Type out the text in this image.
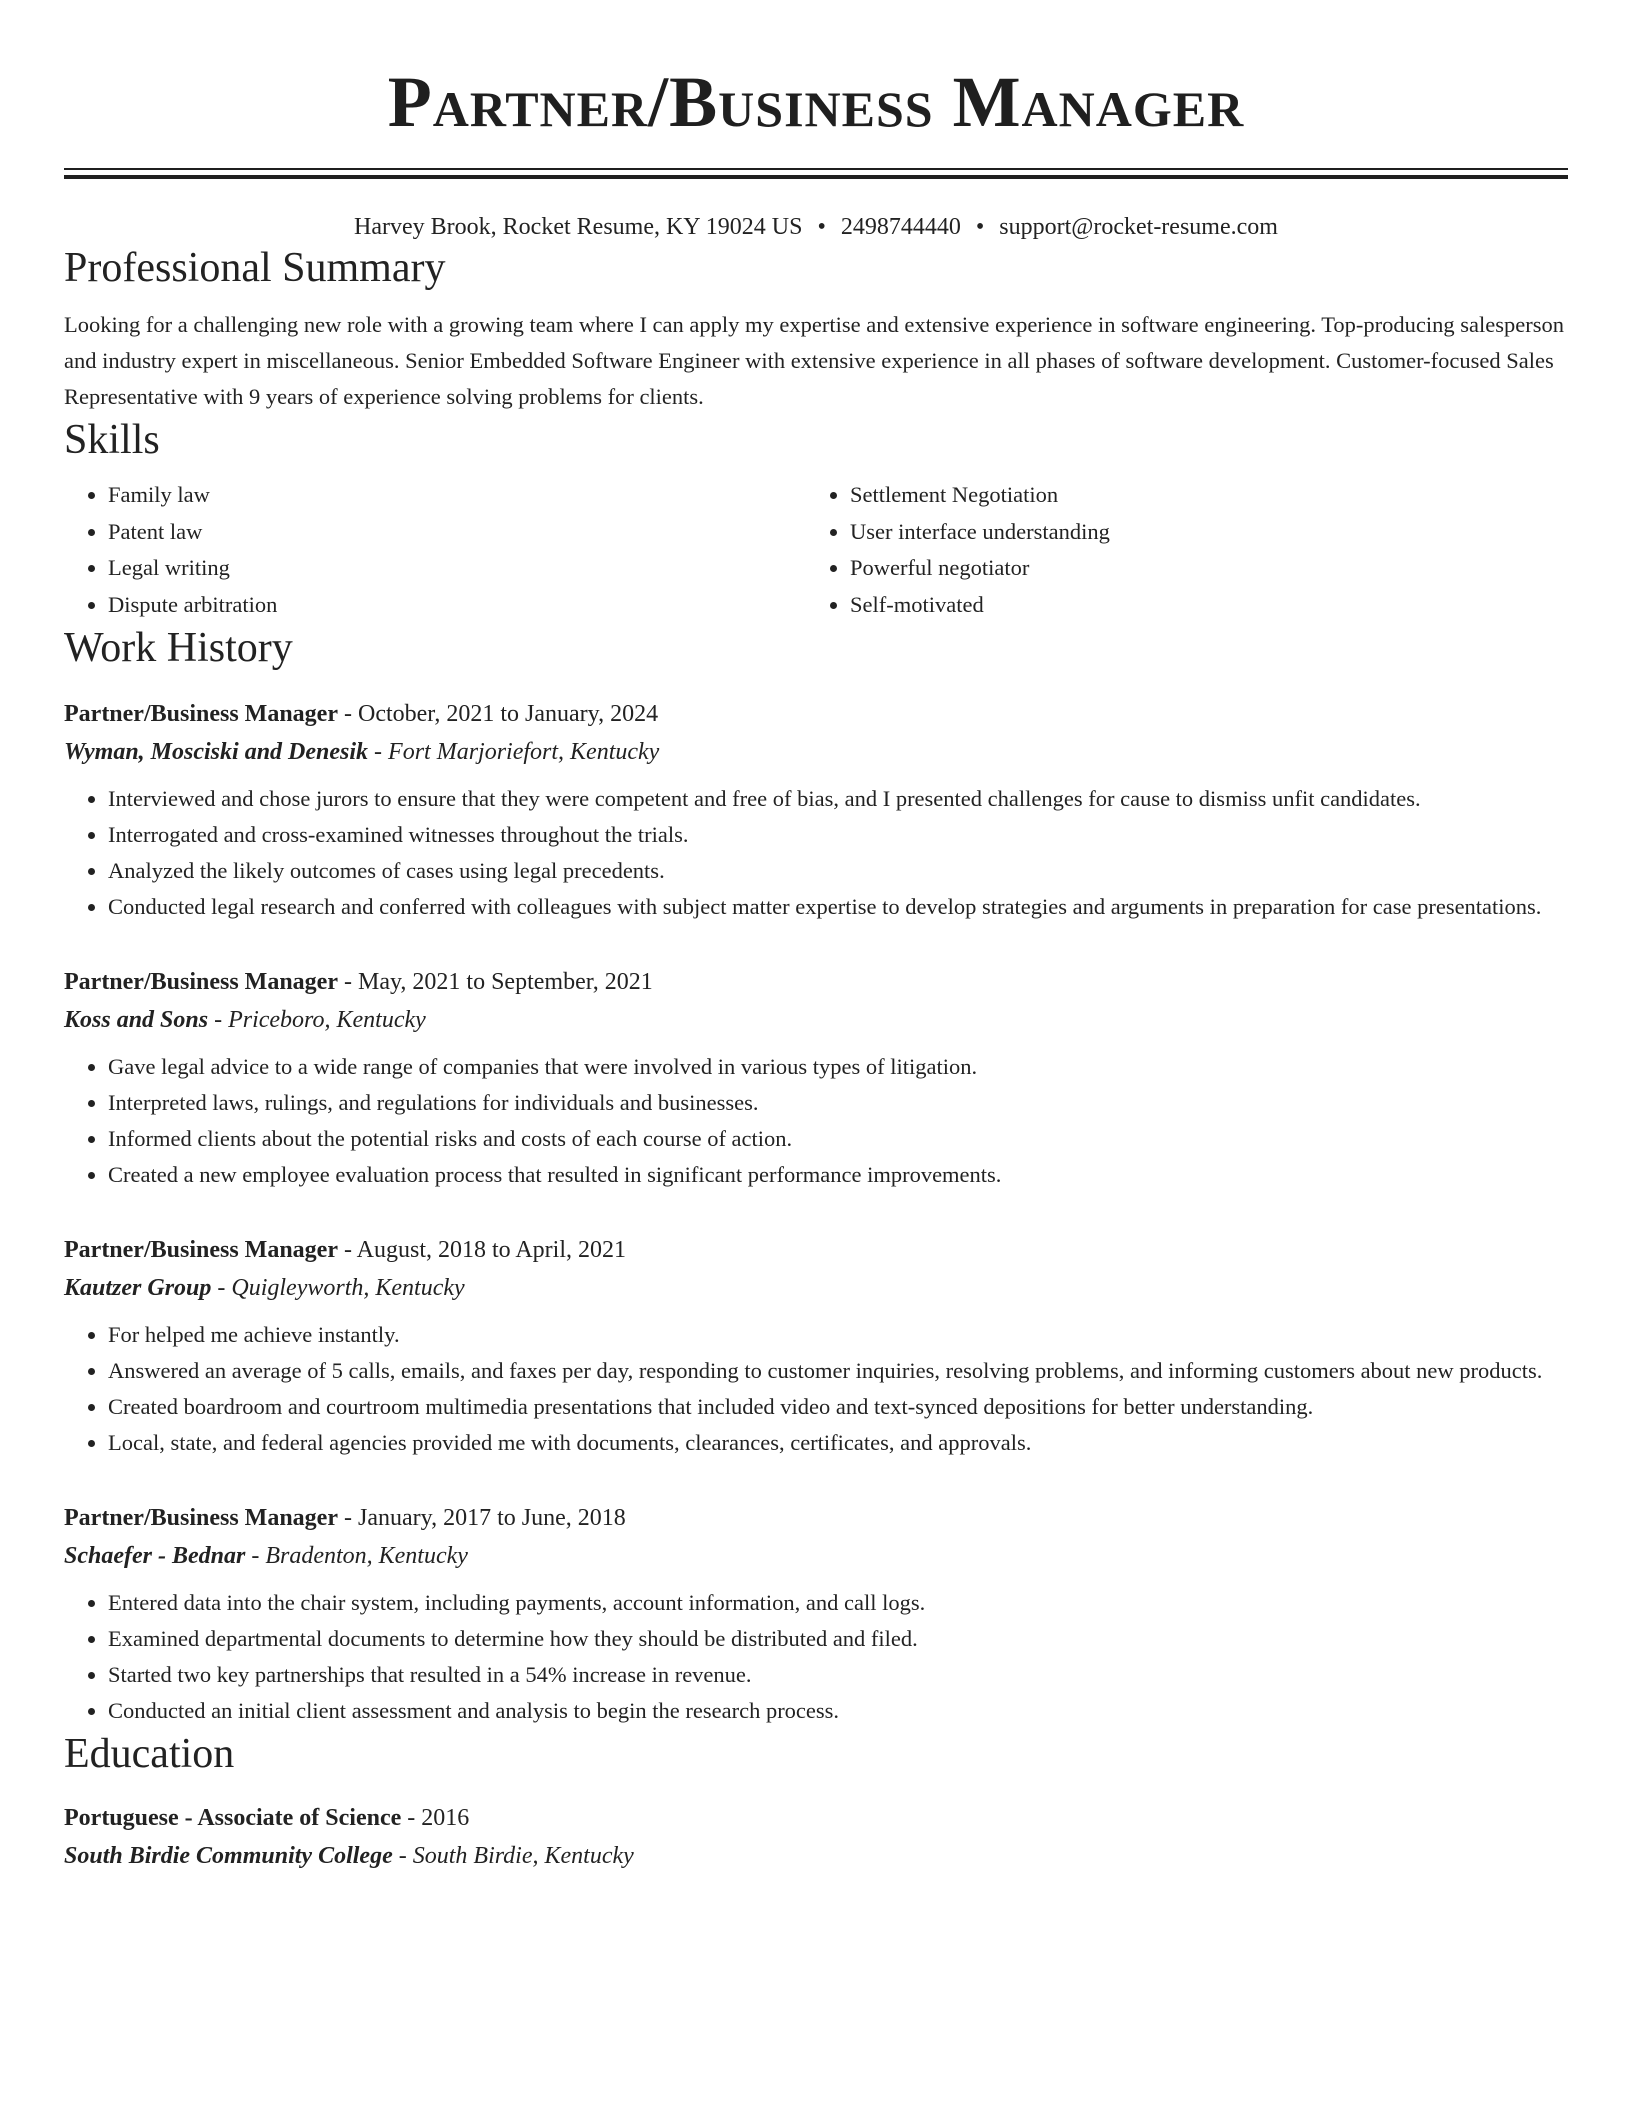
Partner/Business Manager
Harvey Brook, Rocket Resume, KY 19024 US • 2498744440 • support@rocket-resume.com
Professional Summary

Looking for a challenging new role with a growing team where I can apply my expertise and extensive experience in software engineering. Top-producing salesperson and industry expert in miscellaneous. Senior Embedded Software Engineer with extensive experience in all phases of software development. Customer-focused Sales Representative with 9 years of experience solving problems for clients.

Skills
• Family law
• Patent law
• Legal writing
• Dispute arbitration
• Settlement Negotiation
• User interface understanding
• Powerful negotiator
• Self-motivated
Work History
Partner/Business Manager - October, 2021 to January, 2024
Wyman, Mosciski and Denesik - Fort Marjoriefort, Kentucky
• Interviewed and chose jurors to ensure that they were competent and free of bias, and I presented challenges for cause to dismiss unfit candidates.
• Interrogated and cross-examined witnesses throughout the trials.
• Analyzed the likely outcomes of cases using legal precedents.
• Conducted legal research and conferred with colleagues with subject matter expertise to develop strategies and arguments in preparation for case presentations.
Partner/Business Manager - May, 2021 to September, 2021
Koss and Sons - Priceboro, Kentucky
• Gave legal advice to a wide range of companies that were involved in various types of litigation.
• Interpreted laws, rulings, and regulations for individuals and businesses.
• Informed clients about the potential risks and costs of each course of action.
• Created a new employee evaluation process that resulted in significant performance improvements.
Partner/Business Manager - August, 2018 to April, 2021
Kautzer Group - Quigleyworth, Kentucky
• For helped me achieve instantly.
• Answered an average of 5 calls, emails, and faxes per day, responding to customer inquiries, resolving problems, and informing customers about new products.
• Created boardroom and courtroom multimedia presentations that included video and text-synced depositions for better understanding.
• Local, state, and federal agencies provided me with documents, clearances, certificates, and approvals.
Partner/Business Manager - January, 2017 to June, 2018
Schaefer - Bednar - Bradenton, Kentucky
• Entered data into the chair system, including payments, account information, and call logs.
• Examined departmental documents to determine how they should be distributed and filed.
• Started two key partnerships that resulted in a 54% increase in revenue.
• Conducted an initial client assessment and analysis to begin the research process.
Education
Portuguese - Associate of Science - 2016
South Birdie Community College - South Birdie, Kentucky
